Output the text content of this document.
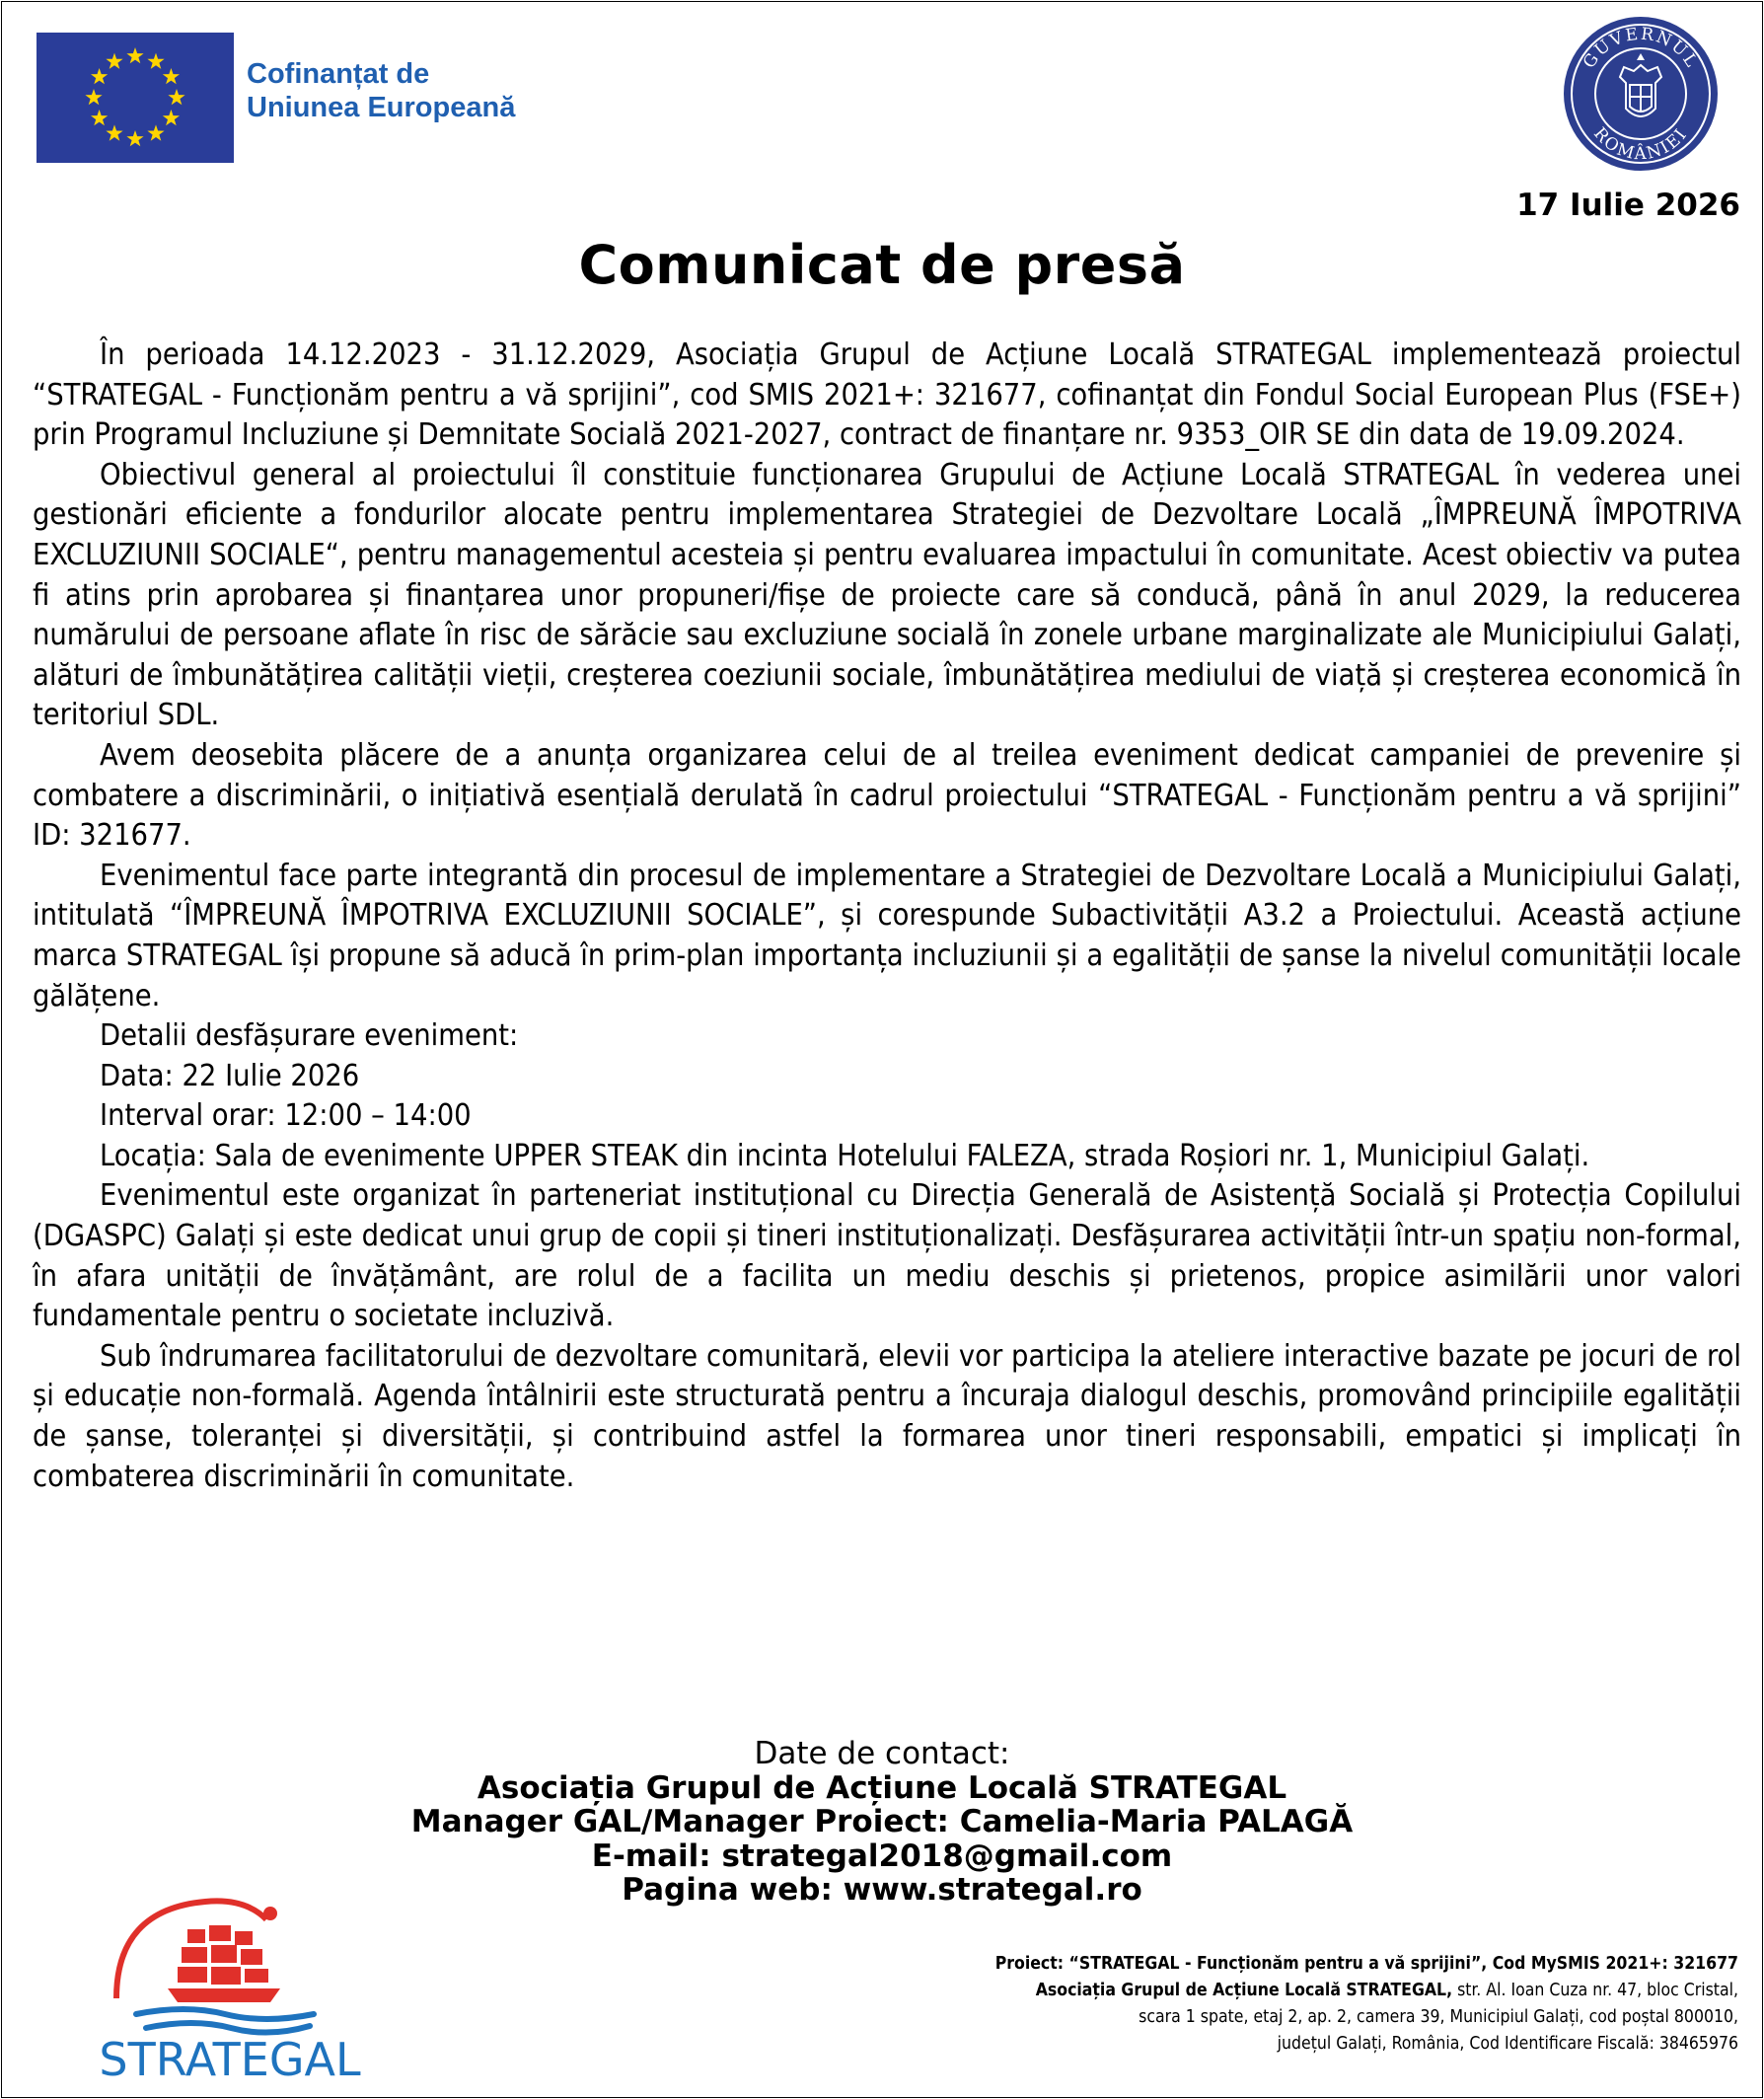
Cofinanțat de
Uniunea Europeană
GUVERNUL
ROMÂNIEI
17 Iulie 2026
Comunicat de presă

În perioada 14.12.2023 - 31.12.2029, Asociația Grupul de Acțiune Locală STRATEGAL implementează proiectul “STRATEGAL - Funcționăm pentru a vă sprijini”, cod SMIS 2021+: 321677, cofinanțat din Fondul Social European Plus (FSE+) prin Programul Incluziune și Demnitate Socială 2021-2027, contract de finanțare nr. 9353_OIR SE din data de 19.09.2024.

Obiectivul general al proiectului îl constituie funcționarea Grupului de Acțiune Locală STRATEGAL în vederea unei gestionări eficiente a fondurilor alocate pentru implementarea Strategiei de Dezvoltare Locală „ÎMPREUNĂ ÎMPOTRIVA EXCLUZIUNII SOCIALE“, pentru managementul acesteia și pentru evaluarea impactului în comunitate. Acest obiectiv va putea fi atins prin aprobarea și finanțarea unor propuneri/fișe de proiecte care să conducă, până în anul 2029, la reducerea numărului de persoane aflate în risc de sărăcie sau excluziune socială în zonele urbane marginalizate ale Municipiului Galați, alături de îmbunătățirea calității vieții, creșterea coeziunii sociale, îmbunătățirea mediului de viață și creșterea economică în teritoriul SDL.

Avem deosebita plăcere de a anunța organizarea celui de al treilea eveniment dedicat campaniei de prevenire și combatere a discriminării, o inițiativă esențială derulată în cadrul proiectului “STRATEGAL - Funcționăm pentru a vă sprijini” ID: 321677.

Evenimentul face parte integrantă din procesul de implementare a Strategiei de Dezvoltare Locală a Municipiului Galați, intitulată “ÎMPREUNĂ ÎMPOTRIVA EXCLUZIUNII SOCIALE”, și corespunde Subactivității A3.2 a Proiectului. Această acțiune marca STRATEGAL își propune să aducă în prim-plan importanța incluziunii și a egalității de șanse la nivelul comunității locale gălățene.

Detalii desfășurare eveniment:

Data: 22 Iulie 2026

Interval orar: 12:00 – 14:00

Locația: Sala de evenimente UPPER STEAK din incinta Hotelului FALEZA, strada Roșiori nr. 1, Municipiul Galați.

Evenimentul este organizat în parteneriat instituțional cu Direcția Generală de Asistență Socială și Protecția Copilului (DGASPC) Galați și este dedicat unui grup de copii și tineri instituționalizați. Desfășurarea activității într-un spațiu non-formal, în afara unității de învățământ, are rolul de a facilita un mediu deschis și prietenos, propice asimilării unor valori fundamentale pentru o societate incluzivă.

Sub îndrumarea facilitatorului de dezvoltare comunitară, elevii vor participa la ateliere interactive bazate pe jocuri de rol și educație non-formală. Agenda întâlnirii este structurată pentru a încuraja dialogul deschis, promovând principiile egalității de șanse, toleranței și diversității, și contribuind astfel la formarea unor tineri responsabili, empatici și implicați în combaterea discriminării în comunitate.

Date de contact:
Asociația Grupul de Acțiune Locală STRATEGAL
Manager GAL/Manager Proiect: Camelia-Maria PALAGĂ
E-mail: strategal2018@gmail.com
Pagina web: www.strategal.ro
STRATEGAL
Proiect: “STRATEGAL - Funcționăm pentru a vă sprijini”, Cod MySMIS 2021+: 321677
Asociația Grupul de Acțiune Locală STRATEGAL, str. Al. Ioan Cuza nr. 47, bloc Cristal,
scara 1 spate, etaj 2, ap. 2, camera 39, Municipiul Galați, cod poștal 800010,
județul Galați, România, Cod Identificare Fiscală: 38465976
